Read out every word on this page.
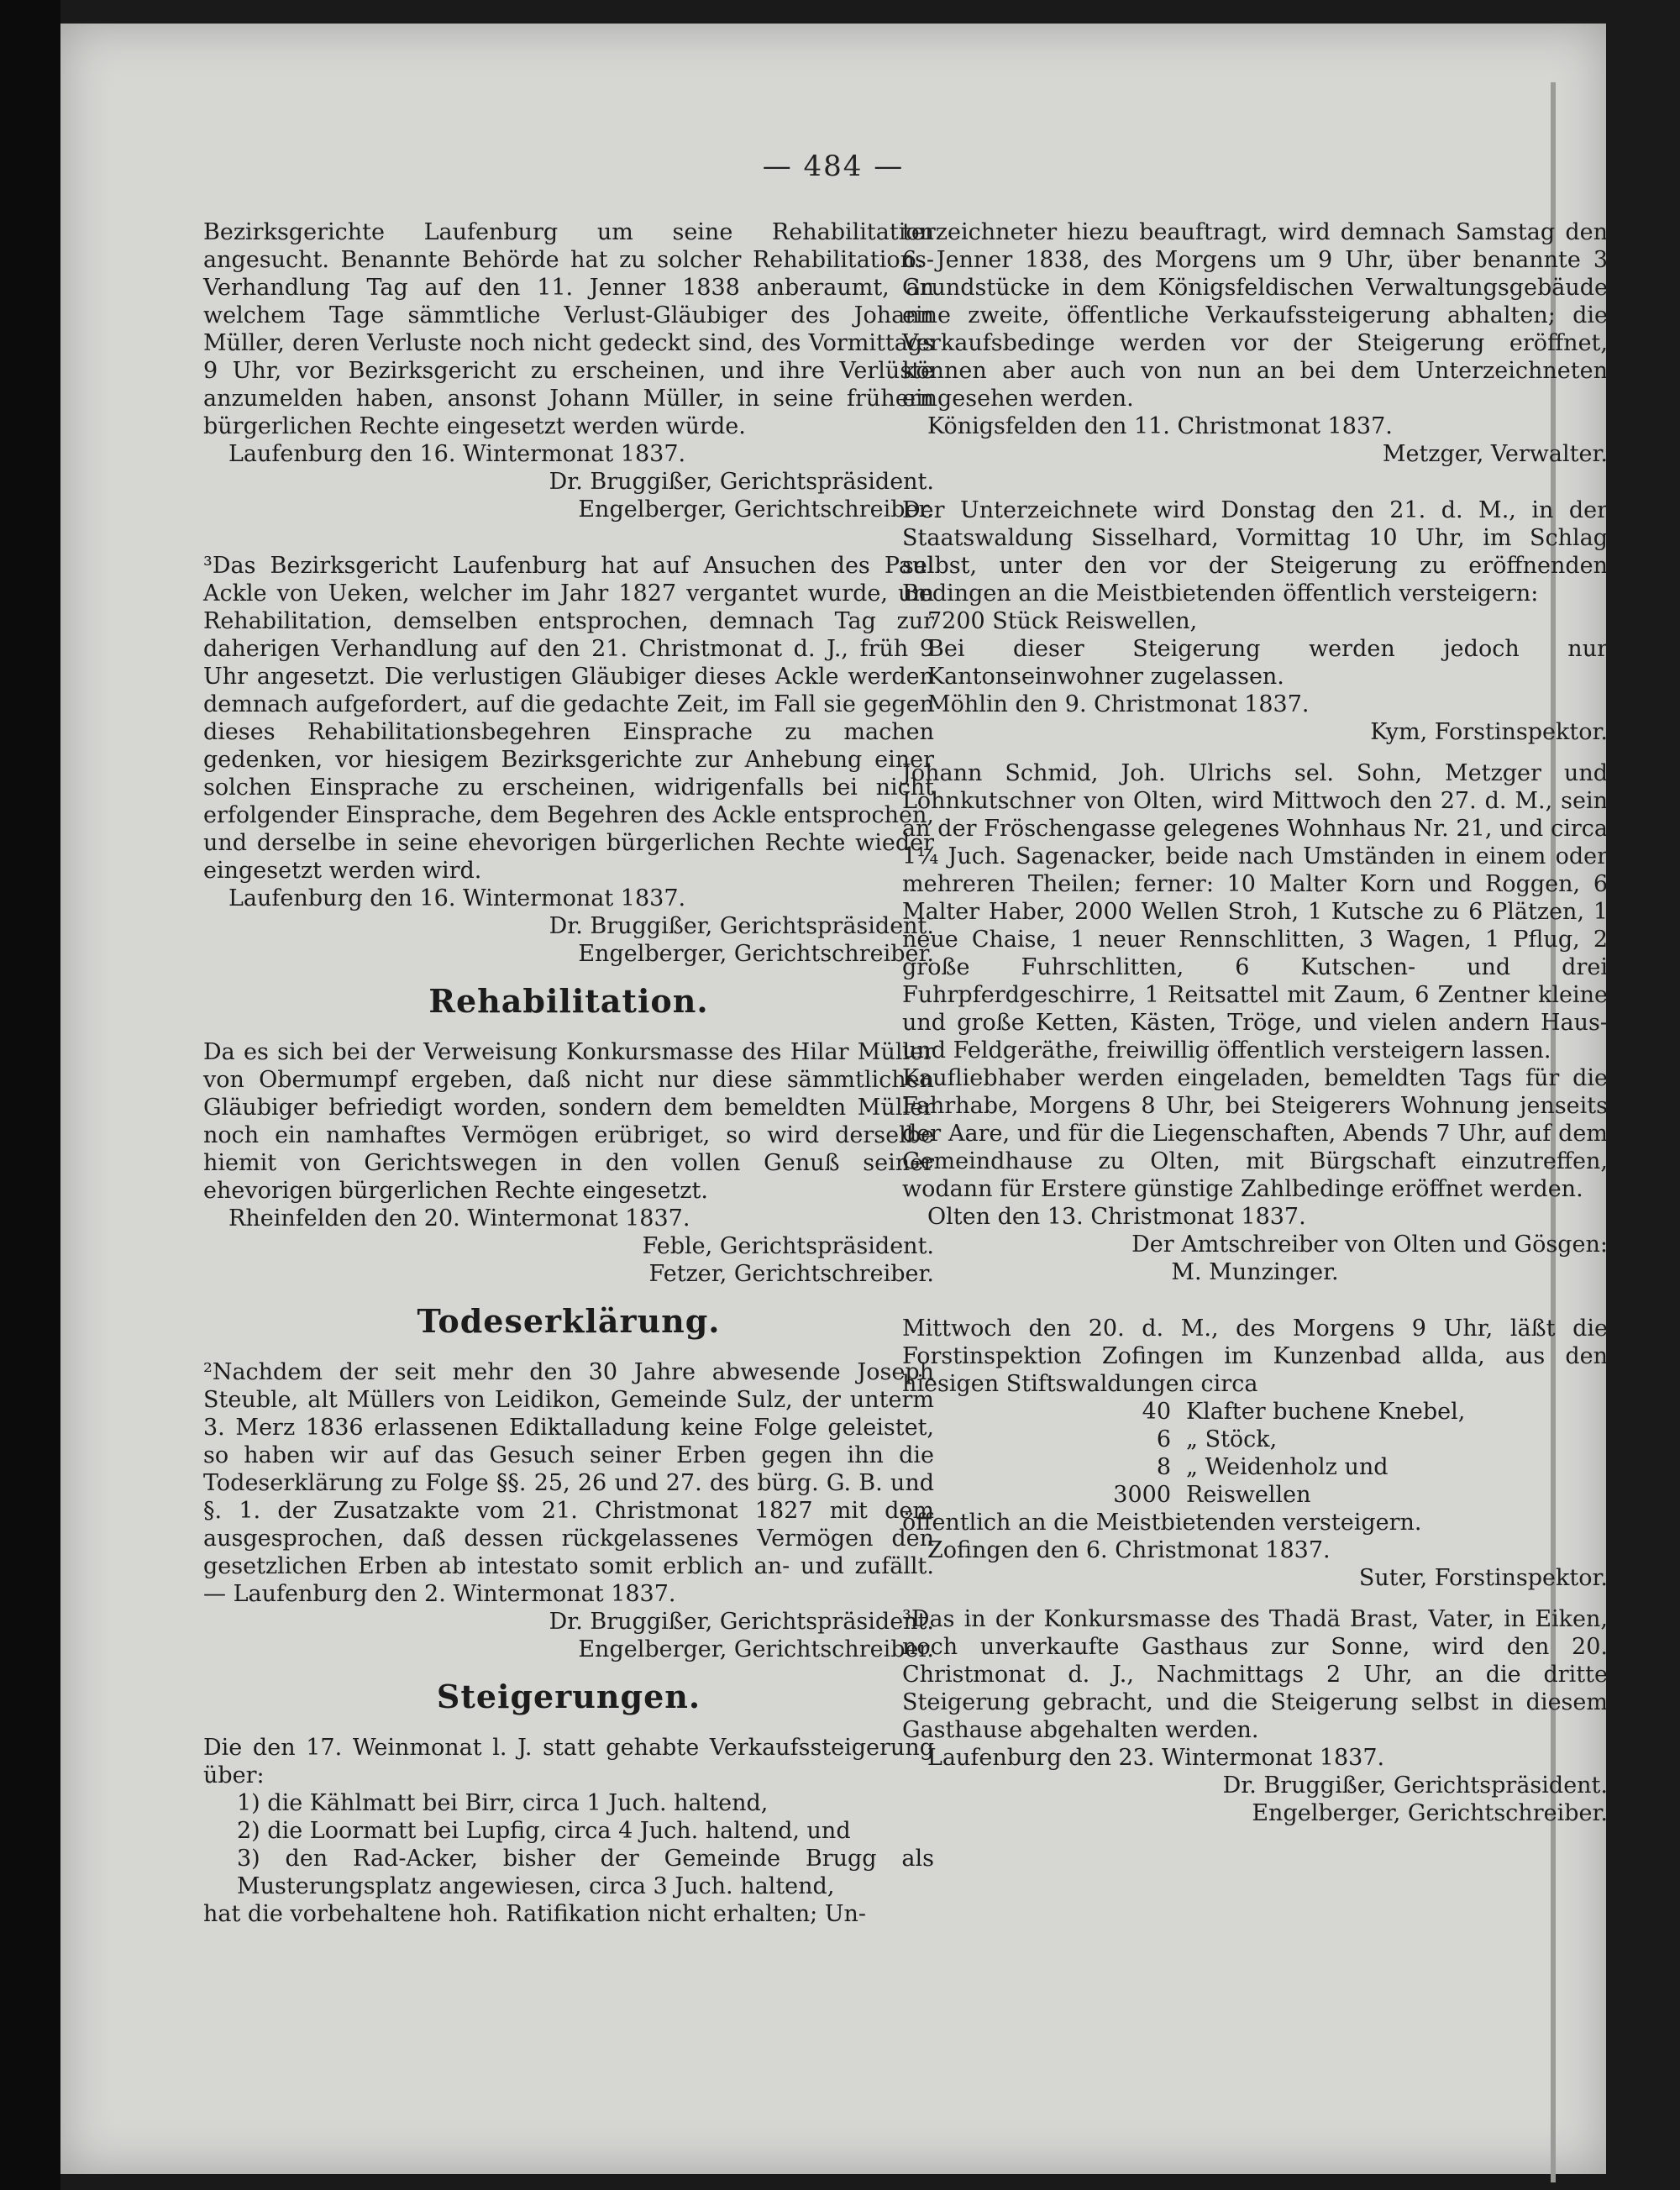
— 484 —

Bezirksgerichte Laufenburg um seine Rehabilitation angesucht. Benannte Behörde hat zu solcher Rehabilitations-Verhandlung Tag auf den 11. Jenner 1838 anberaumt, an welchem Tage sämmtliche Verlust-Gläubiger des Johann Müller, deren Verluste noch nicht gedeckt sind, des Vormittags 9 Uhr, vor Bezirksgericht zu erscheinen, und ihre Verlüste anzumelden haben, ansonst Johann Müller, in seine frühern bürgerlichen Rechte eingesetzt werden würde.

Laufenburg den 16. Wintermonat 1837.
Dr. Bruggißer, Gerichtspräsident.
Engelberger, Gerichtschreiber.

³Das Bezirksgericht Laufenburg hat auf Ansuchen des Paul Ackle von Ueken, welcher im Jahr 1827 vergantet wurde, um Rehabilitation, demselben entsprochen, demnach Tag zur daherigen Verhandlung auf den 21. Christmonat d. J., früh 9 Uhr angesetzt. Die verlustigen Gläubiger dieses Ackle werden demnach aufgefordert, auf die gedachte Zeit, im Fall sie gegen dieses Rehabilitationsbegehren Einsprache zu machen gedenken, vor hiesigem Bezirksgerichte zur Anhebung einer solchen Einsprache zu erscheinen, widrigenfalls bei nicht erfolgender Einsprache, dem Begehren des Ackle entsprochen, und derselbe in seine ehevorigen bürgerlichen Rechte wieder eingesetzt werden wird.

Laufenburg den 16. Wintermonat 1837.
Dr. Bruggißer, Gerichtspräsident.
Engelberger, Gerichtschreiber.
Rehabilitation.

Da es sich bei der Verweisung Konkursmasse des Hilar Müller von Obermumpf ergeben, daß nicht nur diese sämmtlichen Gläubiger befriedigt worden, sondern dem bemeldten Müller noch ein namhaftes Vermögen erübriget, so wird derselbe hiemit von Gerichtswegen in den vollen Genuß seiner ehevorigen bürgerlichen Rechte eingesetzt.

Rheinfelden den 20. Wintermonat 1837.
Feble, Gerichtspräsident.
Fetzer, Gerichtschreiber.
Todeserklärung.

²Nachdem der seit mehr den 30 Jahre abwesende Joseph Steuble, alt Müllers von Leidikon, Gemeinde Sulz, der unterm 3. Merz 1836 erlassenen Ediktalladung keine Folge geleistet, so haben wir auf das Gesuch seiner Erben gegen ihn die Todeserklärung zu Folge §§. 25, 26 und 27. des bürg. G. B. und §. 1. der Zusatzakte vom 21. Christmonat 1827 mit dem ausgesprochen, daß dessen rückgelassenes Vermögen den gesetzlichen Erben ab intestato somit erblich an- und zufällt. — Laufenburg den 2. Wintermonat 1837.

Dr. Bruggißer, Gerichtspräsident.
Engelberger, Gerichtschreiber.
Steigerungen.

Die den 17. Weinmonat l. J. statt gehabte Verkaufssteigerung über:

1) die Kählmatt bei Birr, circa 1 Juch. haltend,
2) die Loormatt bei Lupfig, circa 4 Juch. haltend, und
3) den Rad-Acker, bisher der Gemeinde Brugg als Musterungsplatz angewiesen, circa 3 Juch. haltend,

hat die vorbehaltene hoh. Ratifikation nicht erhalten; Un-

terzeichneter hiezu beauftragt, wird demnach Samstag den 6. Jenner 1838, des Morgens um 9 Uhr, über benannte 3 Grundstücke in dem Königsfeldischen Verwaltungsgebäude eine zweite, öffentliche Verkaufssteigerung abhalten; die Verkaufsbedinge werden vor der Steigerung eröffnet, können aber auch von nun an bei dem Unterzeichneten eingesehen werden.

Königsfelden den 11. Christmonat 1837.
Metzger, Verwalter.

Der Unterzeichnete wird Donstag den 21. d. M., in der Staatswaldung Sisselhard, Vormittag 10 Uhr, im Schlag selbst, unter den vor der Steigerung zu eröffnenden Bedingen an die Meistbietenden öffentlich versteigern:

7200 Stück Reiswellen,

Bei dieser Steigerung werden jedoch nur Kantonseinwohner zugelassen.

Möhlin den 9. Christmonat 1837.
Kym, Forstinspektor.

Johann Schmid, Joh. Ulrichs sel. Sohn, Metzger und Lohnkutschner von Olten, wird Mittwoch den 27. d. M., sein an der Fröschengasse gelegenes Wohnhaus Nr. 21, und circa 1¼ Juch. Sagenacker, beide nach Umständen in einem oder mehreren Theilen; ferner: 10 Malter Korn und Roggen, 6 Malter Haber, 2000 Wellen Stroh, 1 Kutsche zu 6 Plätzen, 1 neue Chaise, 1 neuer Rennschlitten, 3 Wagen, 1 Pflug, 2 große Fuhrschlitten, 6 Kutschen- und drei Fuhrpferdgeschirre, 1 Reitsattel mit Zaum, 6 Zentner kleine und große Ketten, Kästen, Tröge, und vielen andern Haus- und Feldgeräthe, freiwillig öffentlich versteigern lassen.

Kaufliebhaber werden eingeladen, bemeldten Tags für die Fahrhabe, Morgens 8 Uhr, bei Steigerers Wohnung jenseits der Aare, und für die Liegenschaften, Abends 7 Uhr, auf dem Gemeindhause zu Olten, mit Bürgschaft einzutreffen, wodann für Erstere günstige Zahlbedinge eröffnet werden.

Olten den 13. Christmonat 1837.
Der Amtschreiber von Olten und Gösgen:
M. Munzinger.

Mittwoch den 20. d. M., des Morgens 9 Uhr, läßt die Forstinspektion Zofingen im Kunzenbad allda, aus den hiesigen Stiftswaldungen circa

40 Klafter buchene Knebel,
6 „ Stöck,
8 „ Weidenholz und
3000 Reiswellen

öffentlich an die Meistbietenden versteigern.

Zofingen den 6. Christmonat 1837.
Suter, Forstinspektor.

³Das in der Konkursmasse des Thadä Brast, Vater, in Eiken, noch unverkaufte Gasthaus zur Sonne, wird den 20. Christmonat d. J., Nachmittags 2 Uhr, an die dritte Steigerung gebracht, und die Steigerung selbst in diesem Gasthause abgehalten werden.

Laufenburg den 23. Wintermonat 1837.
Dr. Bruggißer, Gerichtspräsident.
Engelberger, Gerichtschreiber.
